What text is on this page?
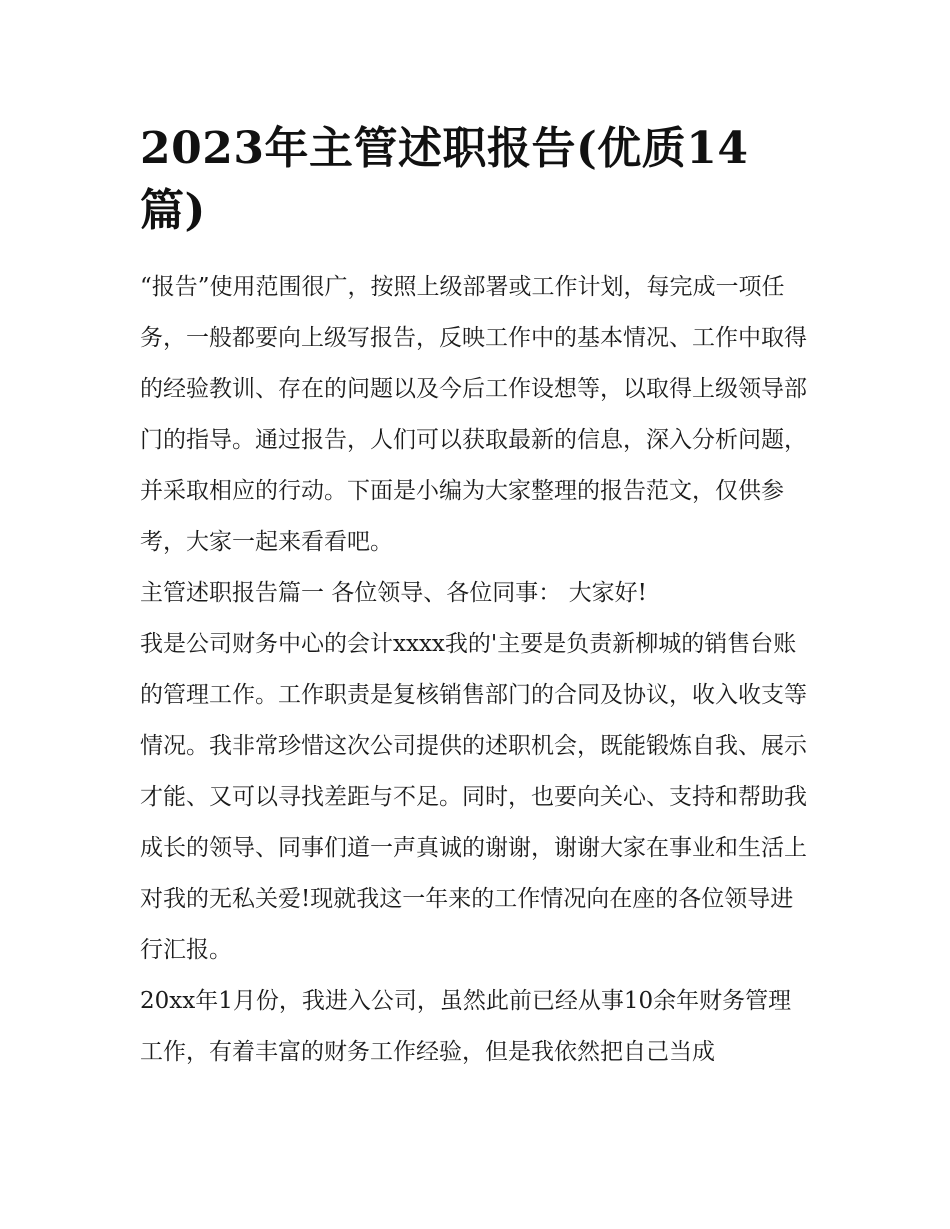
2023年主管述职报告(优质14篇)

“报告”使用范围很广，按照上级部署或工作计划，每完成一项任务，一般都要向上级写报告，反映工作中的基本情况、工作中取得的经验教训、存在的问题以及今后工作设想等，以取得上级领导部门的指导。通过报告，人们可以获取最新的信息，深入分析问题，并采取相应的行动。下面是小编为大家整理的报告范文，仅供参考，大家一起来看看吧。

主管述职报告篇一 各位领导、各位同事： 大家好!

我是公司财务中心的会计xxxx我的'主要是负责新柳城的销售台账的管理工作。工作职责是复核销售部门的合同及协议，收入收支等情况。我非常珍惜这次公司提供的述职机会，既能锻炼自我、展示才能、又可以寻找差距与不足。同时，也要向关心、支持和帮助我成长的领导、同事们道一声真诚的谢谢，谢谢大家在事业和生活上对我的无私关爱!现就我这一年来的工作情况向在座的各位领导进行汇报。

20xx年1月份，我进入公司，虽然此前已经从事10余年财务管理工作，有着丰富的财务工作经验，但是我依然把自己当成
